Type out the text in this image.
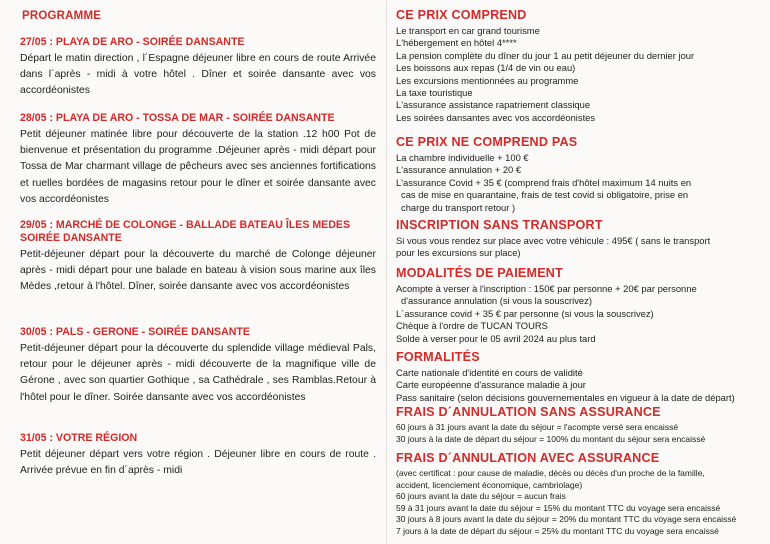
PROGRAMME
27/05 : PLAYA DE ARO - SOIRÉE DANSANTE

Départ le matin direction , l´Espagne déjeuner libre en cours de route Arrivée dans l´après - midi à votre hôtel . Dîner et soirée dansante avec vos accordéonistes

28/05 : PLAYA DE ARO - TOSSA DE MAR - SOIRÉE DANSANTE

Petit déjeuner matinée libre pour découverte de la station .12 h00 Pot de bienvenue et présentation du programme .Déjeuner après - midi départ pour Tossa de Mar charmant village de pêcheurs avec ses anciennes fortifications et ruelles bordées de magasins retour pour le dîner et soirée dansante avec vos accordéonistes

29/05 : MARCHÉ DE COLONGE - BALLADE BATEAU ÎLES MEDES SOIRÉE DANSANTE

Petit-déjeuner départ pour la découverte du marché de Colonge déjeuner après - midi départ pour une balade en bateau à vision sous marine aux îles Mèdes ,retour à l'hôtel. Dîner, soirée dansante avec vos accordéonistes

30/05 : PALS - GERONE - SOIRÉE DANSANTE

Petit-déjeuner départ pour la découverte du splendide village médieval Pals, retour pour le déjeuner après - midi découverte de la magnifique ville de Gérone , avec son quartier Gothique , sa Cathédrale , ses Ramblas.Retour à l'hôtel pour le dîner. Soirée dansante avec vos accordéonistes

31/05 : VOTRE RÉGION

Petit déjeuner départ vers votre région . Déjeuner libre en cours de route . Arrivée prévue en fin d´après - midi

CE PRIX COMPREND
Le transport en car grand tourisme
L'hébergement en hôtel 4****
La pension complète du dîner du jour 1 au petit déjeuner du dernier jour
Les boissons aux repas (1/4 de vin ou eau)
Les excursions mentionnées au programme
La taxe touristique
L'assurance assistance rapatriement classique
Les soirées dansantes avec vos accordéonistes
CE PRIX NE COMPREND PAS
La chambre individuelle + 100 €
L'assurance annulation + 20 €
L'assurance Covid + 35 € (comprend frais d'hôtel maximum 14 nuits en
cas de mise en quarantaine, frais de test covid si obligatoire, prise en
charge du transport retour )
INSCRIPTION SANS TRANSPORT
Si vous vous rendez sur place avec votre véhicule : 495€ ( sans le transport
pour les excursions sur place)
MODALITÉS DE PAIEMENT
Acompte à verser à l'inscription : 150€ par personne + 20€ par personne
d'assurance annulation (si vous la souscrivez)
L´assurance covid + 35 € par personne (si vous la souscrivez)
Chèque à l'ordre de TUCAN TOURS
Solde à verser pour le 05 avril 2024 au plus tard
FORMALITÉS
Carte nationale d'identité en cours de validité
Carte européenne d'assurance maladie à jour
Pass sanitaire (selon décisions gouvernementales en vigueur à la date de départ)
FRAIS D´ANNULATION SANS ASSURANCE
60 jours à 31 jours avant la date du séjour = l'acompte versé sera encaissé
30 jours à la date de départ du séjour = 100% du montant du séjour sera encaissé
FRAIS D´ANNULATION AVEC ASSURANCE
(avec certificat : pour cause de maladie, décès ou décès d'un proche de la famille,
accident, licenciement économique, cambriolage)
60 jours avant la date du séjour = aucun frais
59 à 31 jours avant la date du séjour = 15% du montant TTC du voyage sera encaissé
30 jours à 8 jours avant la date du séjour = 20% du montant TTC du voyage sera encaissé
7 jours à la date de départ du séjour = 25% du montant TTC du voyage sera encaissé
